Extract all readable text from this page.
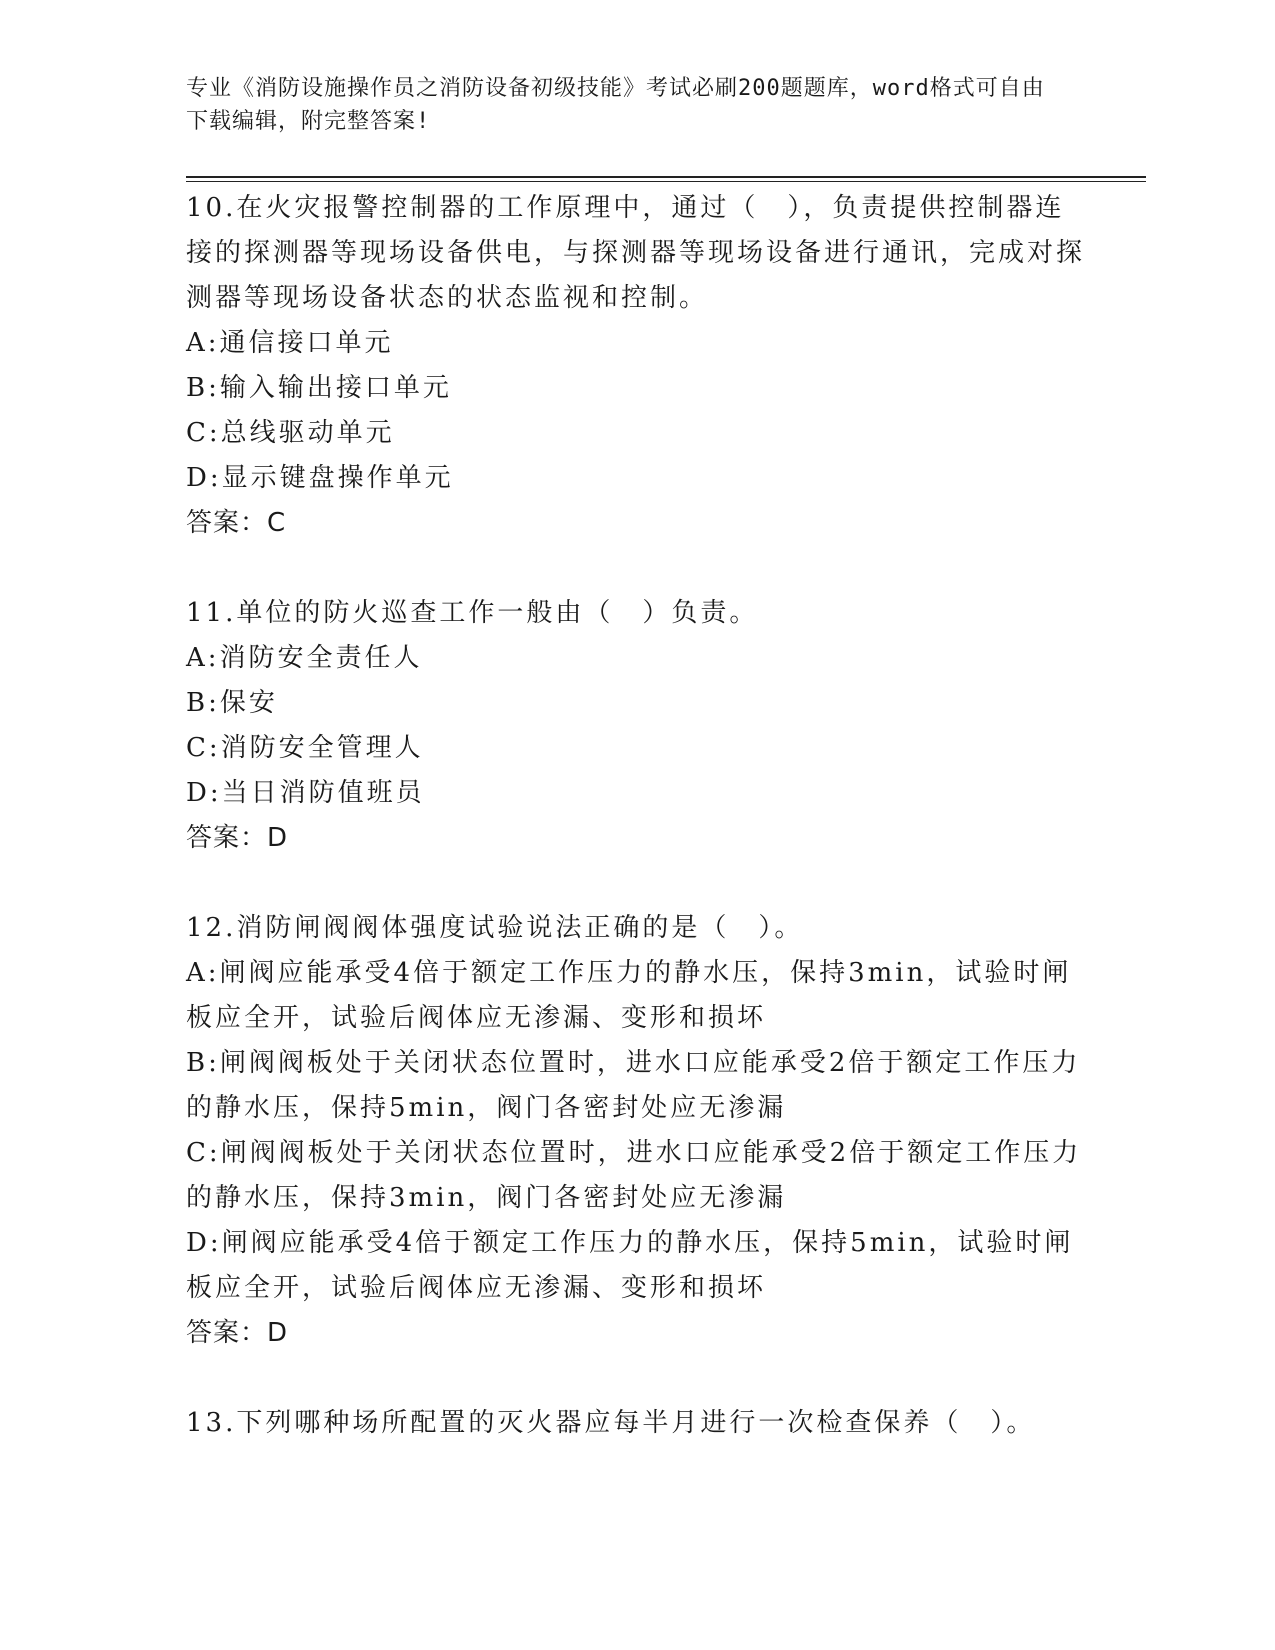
专业《消防设施操作员之消防设备初级技能》考试必刷200题题库，word格式可自由下载编辑，附完整答案!
10.在火灾报警控制器的工作原理中，通过（　），负责提供控制器连接的探测器等现场设备供电，与探测器等现场设备进行通讯，完成对探测器等现场设备状态的状态监视和控制。
A:通信接口单元
B:输入输出接口单元
C:总线驱动单元
D:显示键盘操作单元
答案：C
11.单位的防火巡查工作一般由（　）负责。
A:消防安全责任人
B:保安
C:消防安全管理人
D:当日消防值班员
答案：D
12.消防闸阀阀体强度试验说法正确的是（　）。
A:闸阀应能承受4倍于额定工作压力的静水压，保持3min，试验时闸板应全开，试验后阀体应无渗漏、变形和损坏
B:闸阀阀板处于关闭状态位置时，进水口应能承受2倍于额定工作压力的静水压，保持5min，阀门各密封处应无渗漏
C:闸阀阀板处于关闭状态位置时，进水口应能承受2倍于额定工作压力的静水压，保持3min，阀门各密封处应无渗漏
D:闸阀应能承受4倍于额定工作压力的静水压，保持5min，试验时闸板应全开，试验后阀体应无渗漏、变形和损坏
答案：D
13.下列哪种场所配置的灭火器应每半月进行一次检查保养（　）。
